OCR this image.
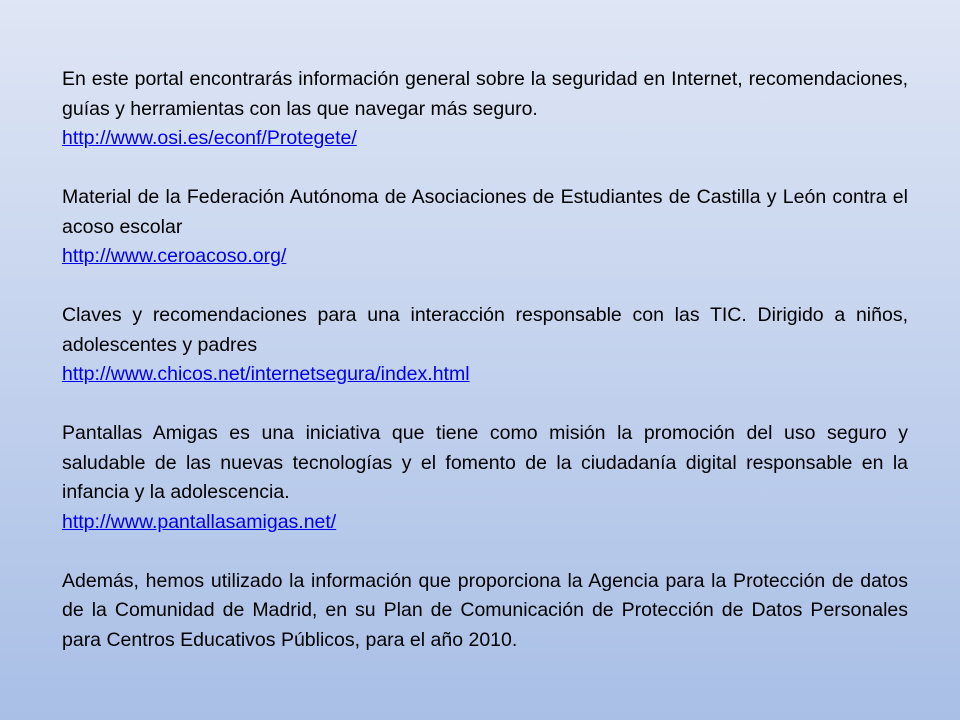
En este portal encontrarás información general sobre la seguridad en Internet, recomendaciones, guías y herramientas con las que navegar más seguro.

http://www.osi.es/econf/Protegete/

Material de la Federación Autónoma de Asociaciones de Estudiantes de Castilla y León contra el acoso escolar

http://www.ceroacoso.org/

Claves y recomendaciones para una interacción responsable con las TIC. Dirigido a niños, adolescentes y padres

http://www.chicos.net/internetsegura/index.html

Pantallas Amigas es una iniciativa que tiene como misión la promoción del uso seguro y saludable de las nuevas tecnologías y el fomento de la ciudadanía digital responsable en la infancia y la adolescencia.

http://www.pantallasamigas.net/

Además, hemos utilizado la información que proporciona la Agencia para la Protección de datos de la Comunidad de Madrid, en su Plan de Comunicación de Protección de Datos Personales para Centros Educativos Públicos, para el año 2010.
